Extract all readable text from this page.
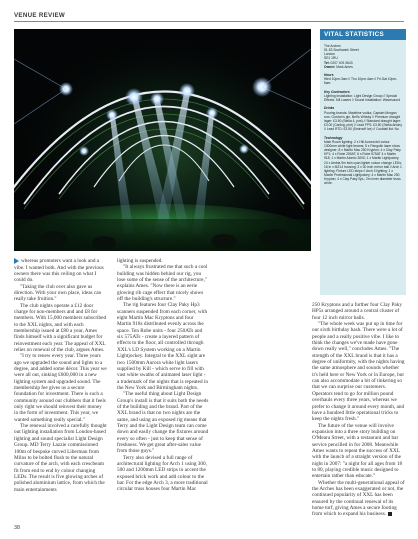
VENUE REVIEW
VITAL STATISTICS
The Arches
51-53 Southwark Street
London
SE1 1RU
Tel: 0207 403 3643
Owner: Mark Ames
Hours
Wed 10pm-3am // Thu 10pm-4am // Fri-Sat 10pm-6am
Key Contractors
Lighting Installation: Light Design Group // Special Effects: Kill Lasers // Sound Installation: Wavesound
Drinks
Pouring brands: Madeline vodka, Captain Morgan rum, Gordon's gin, Bell's Whisky // Premium draught lager: £3.50 (Stella 4, pint) // Standard draught lager: £3.00 (Carling, pint) // Lead FPS: £3.50 (Stella Artois) // Lead RTD: £3.50 (Smirnoff Ice) // Cocktail list: No
Technology
Main Room lighting: 2 x Hill Aurora full colour 1300mm white light beams; 5 x Pangolin laser show designer; 8 x Martin Mac 250 Krypton; 4 x Clay Paky KP1; 4 x Robe 250AT; 6 x Robe 575AT 4 x Martin 918; 1 x Martin Atomic 3000; 1 x Martin Lightjockey, 24 x Ambia 5m twin cyan lighter colour change LEDs; 16 in x MZ14 housing; 3 x 30 inch mirror ball // Arch 1 lighting: Fixture LED strips // Arch 3 lighting: 1 x Martin Professional Lightjockey; 4 x Martin Mac 250 Krypton; 4 x Clay Paky SpL; 2m inner diameter truss circle.

whereas promoters want a look and a vibe. I wanted both. And with the previous owners there was this ceiling on what I could do.

"Taking the club over also gave us direction. With your own place, ideas can really take fruition."

The club nights operate a £12 door charge for non-members and and £8 for members. With 15,000 members subscribed to the XXL nights, and with each membership issued at £80 a year, Ames finds himself with a significant budget for reinvestment each year. The appeal of XXL relies on renewal of the club, argues Ames.

"I try to renew every year. Three years ago we upgraded the sound and lights to a degree, and added some décor. This year we were all out, sinking £600,000 in a new lighting system and upgraded sound. The membership fee gives us a secure foundation for investment. There is such a community around our clubbers that it feels only right we should reinvest their money in the form of investment. This year, we wanted something really special."

The renewal involved a carefully thought out lighting installation from London-based lighting and sound specialist Light Design Group. MD Terry Lazzie commissioned 100m of bespoke curved Liberman from Milos to be bolted flush to the natural curvature of the arch, with each crescbeam fit from end to end by colour changing LEDs. The result is five glowing arches of polished aluminium lattice, from which the main entertainments

lighting is suspended.

"It always frustrated me that such a cool building was hidden behind our rig, you lose some of the sense of the architecture," explains Ames. "Now there is an eerie glowing rib cage effect that nicely shows off the building's structure."

The rig features four Clay Paky Hp3 scanners suspended from each corner, with eight Martin Mac Kryptons and four Martin 918s distributed evenly across the space. Ten Robe units - four 250ATs and six 575ATs - create a layered pattern of effects to the floor, all controlled through XXL's LD System working on a Martin Lightjockey. Integral to the XXL sight are two 1500mm Aurora white light lasers supplied by Kill - which serve to fill with vast white swaths of animated laser light - a trademark of the nights that is repeated in the New York and Birmingham nights.

"The useful thing about Light Design Group's install is that it suits both the needs of the building and the brand. Part of the XXL brand is that no two nights are the same, and using an exposed rig means that Terry and the Light Design team can come down and easily change the fixtures around every so often - just to keep that sense of freshness. We get great after-sales value from those guys."

Terry also devised a full range of architectural lighting for Arch 1 using 300, 500 and 1200mm LED strips to accent the exposed brick work and add colour to the bar. For the edge Arch 3, a more traditional circular truss houses four Martin Mac

250 Kryptons and a further four Clay Paky HP5s arranged around a central cluster of four 12 inch mirror balls.

"The whole week was put up in time for our sixth birthday bash. There were a lot of people and a really positive vibe. I like to think the changes we've made have gone down really well," concludes Ames. "The strength of the XXL brand is that it has a degree of uniformity, with the nights having the same atmosphere and sounds whether it's held here or New York or in Europe, but can also accommodate a bit of tinkering so that we can surprise our customers. Operators tend to go for million pound overhauls every three years, whereas we prefer to change it around every month, and have a hundred little operational tricks to keep the nights fresh."

The future of the venue will involve expansion into a three story building on O'Meara Street, with a restaurant and bar service pencilled in for 2008. Meanwhile Ames wants to repeat the success of XXL with the launch of a straight version of the night in 2007: "a night for all ages from 18 to 80, playing credible music designed to entertain rather than educate."

Whether the multi-generational appeal of the Arches has been exaggerated or not, the continued popularity of XXL has been ensured by the continual renewal of its home turf, giving Ames a secure footing from which to expand his business.

38
